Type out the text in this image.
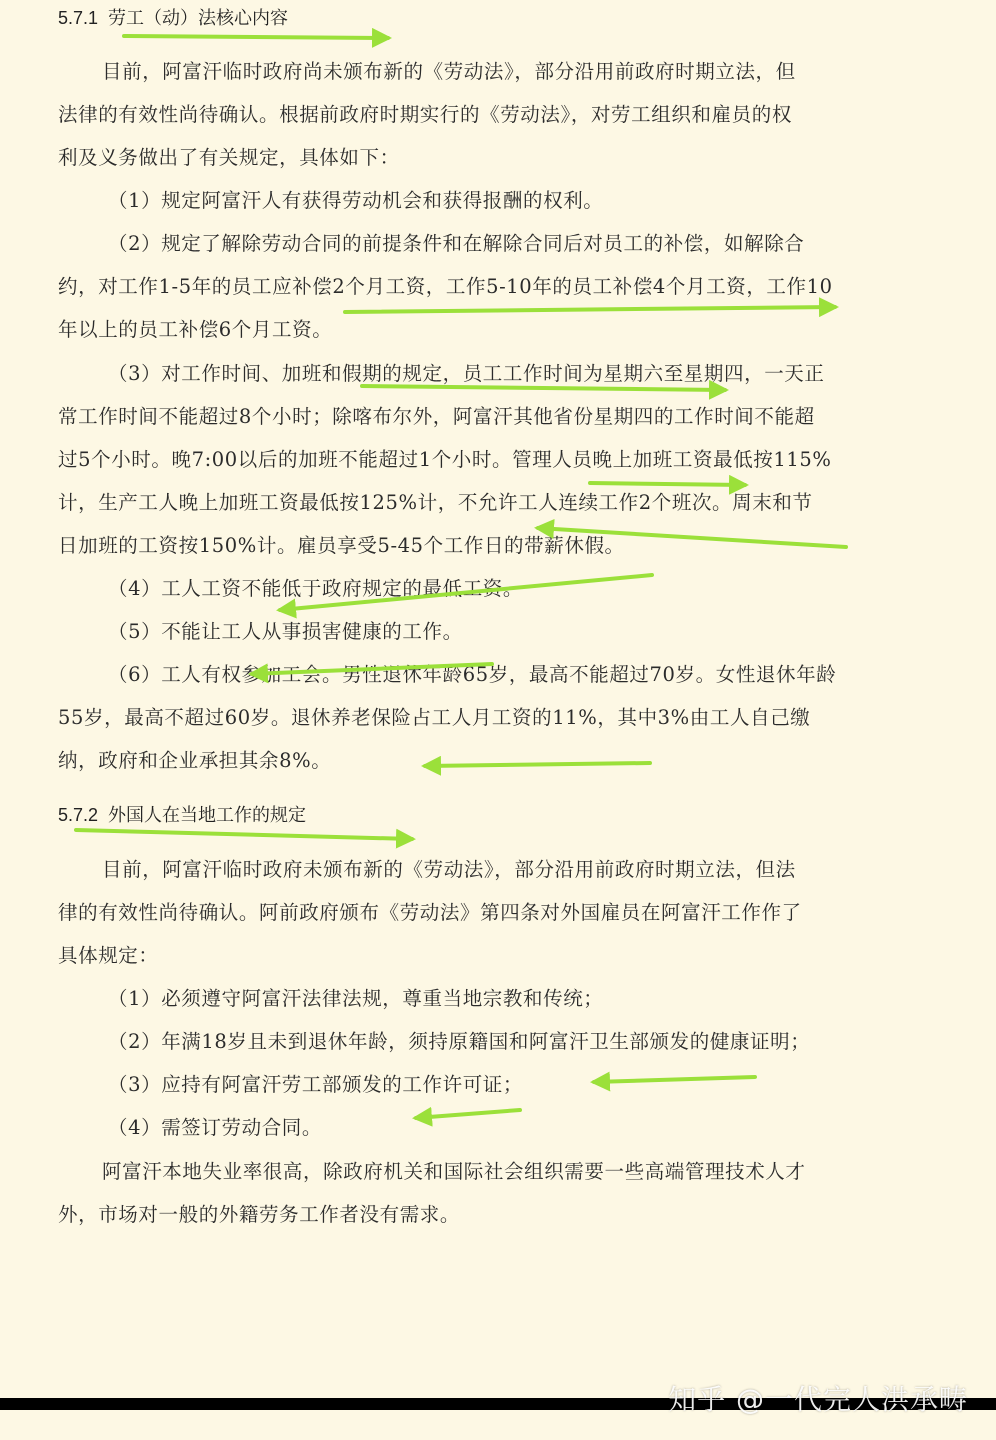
5.7.1 劳工（动）法核心内容
目前，阿富汗临时政府尚未颁布新的《劳动法》，部分沿用前政府时期立法，但
法律的有效性尚待确认。根据前政府时期实行的《劳动法》，对劳工组织和雇员的权
利及义务做出了有关规定，具体如下：
（1）规定阿富汗人有获得劳动机会和获得报酬的权利。
（2）规定了解除劳动合同的前提条件和在解除合同后对员工的补偿，如解除合
约，对工作1-5年的员工应补偿2个月工资，工作5-10年的员工补偿4个月工资，工作10
年以上的员工补偿6个月工资。
（3）对工作时间、加班和假期的规定，员工工作时间为星期六至星期四，一天正
常工作时间不能超过8个小时；除喀布尔外，阿富汗其他省份星期四的工作时间不能超
过5个小时。晚7:00以后的加班不能超过1个小时。管理人员晚上加班工资最低按115%
计，生产工人晚上加班工资最低按125%计，不允许工人连续工作2个班次。周末和节
日加班的工资按150%计。雇员享受5-45个工作日的带薪休假。
（4）工人工资不能低于政府规定的最低工资。
（5）不能让工人从事损害健康的工作。
（6）工人有权参加工会。男性退休年龄65岁，最高不能超过70岁。女性退休年龄
55岁，最高不超过60岁。退休养老保险占工人月工资的11%，其中3%由工人自己缴
纳，政府和企业承担其余8%。
5.7.2 外国人在当地工作的规定
目前，阿富汗临时政府未颁布新的《劳动法》，部分沿用前政府时期立法，但法
律的有效性尚待确认。阿前政府颁布《劳动法》第四条对外国雇员在阿富汗工作作了
具体规定：
（1）必须遵守阿富汗法律法规，尊重当地宗教和传统；
（2）年满18岁且未到退休年龄，须持原籍国和阿富汗卫生部颁发的健康证明；
（3）应持有阿富汗劳工部颁发的工作许可证；
（4）需签订劳动合同。
阿富汗本地失业率很高，除政府机关和国际社会组织需要一些高端管理技术人才
外，市场对一般的外籍劳务工作者没有需求。
知乎 @一代完人洪承畴
